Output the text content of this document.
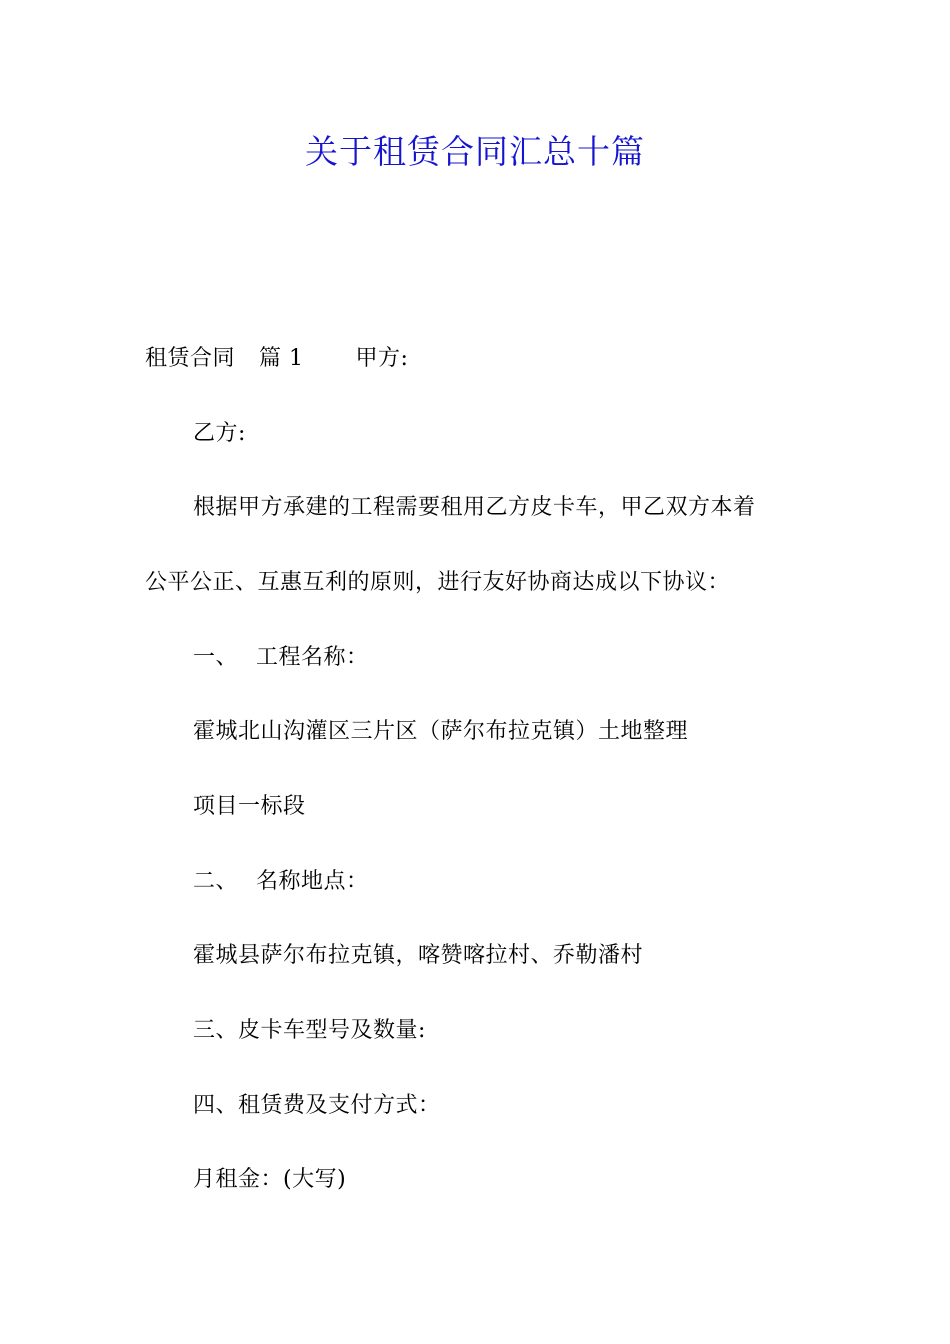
关于租赁合同汇总十篇
租赁合同 篇 1 甲方:
乙方:
根据甲方承建的工程需要租用乙方皮卡车，甲乙双方本着
公平公正、互惠互利的原则，进行友好协商达成以下协议：
一、 工程名称：
霍城北山沟灌区三片区（萨尔布拉克镇）土地整理
项目一标段
二、 名称地点：
霍城县萨尔布拉克镇，喀赞喀拉村、乔勒潘村
三、皮卡车型号及数量:
四、租赁费及支付方式：
月租金：(大写)
